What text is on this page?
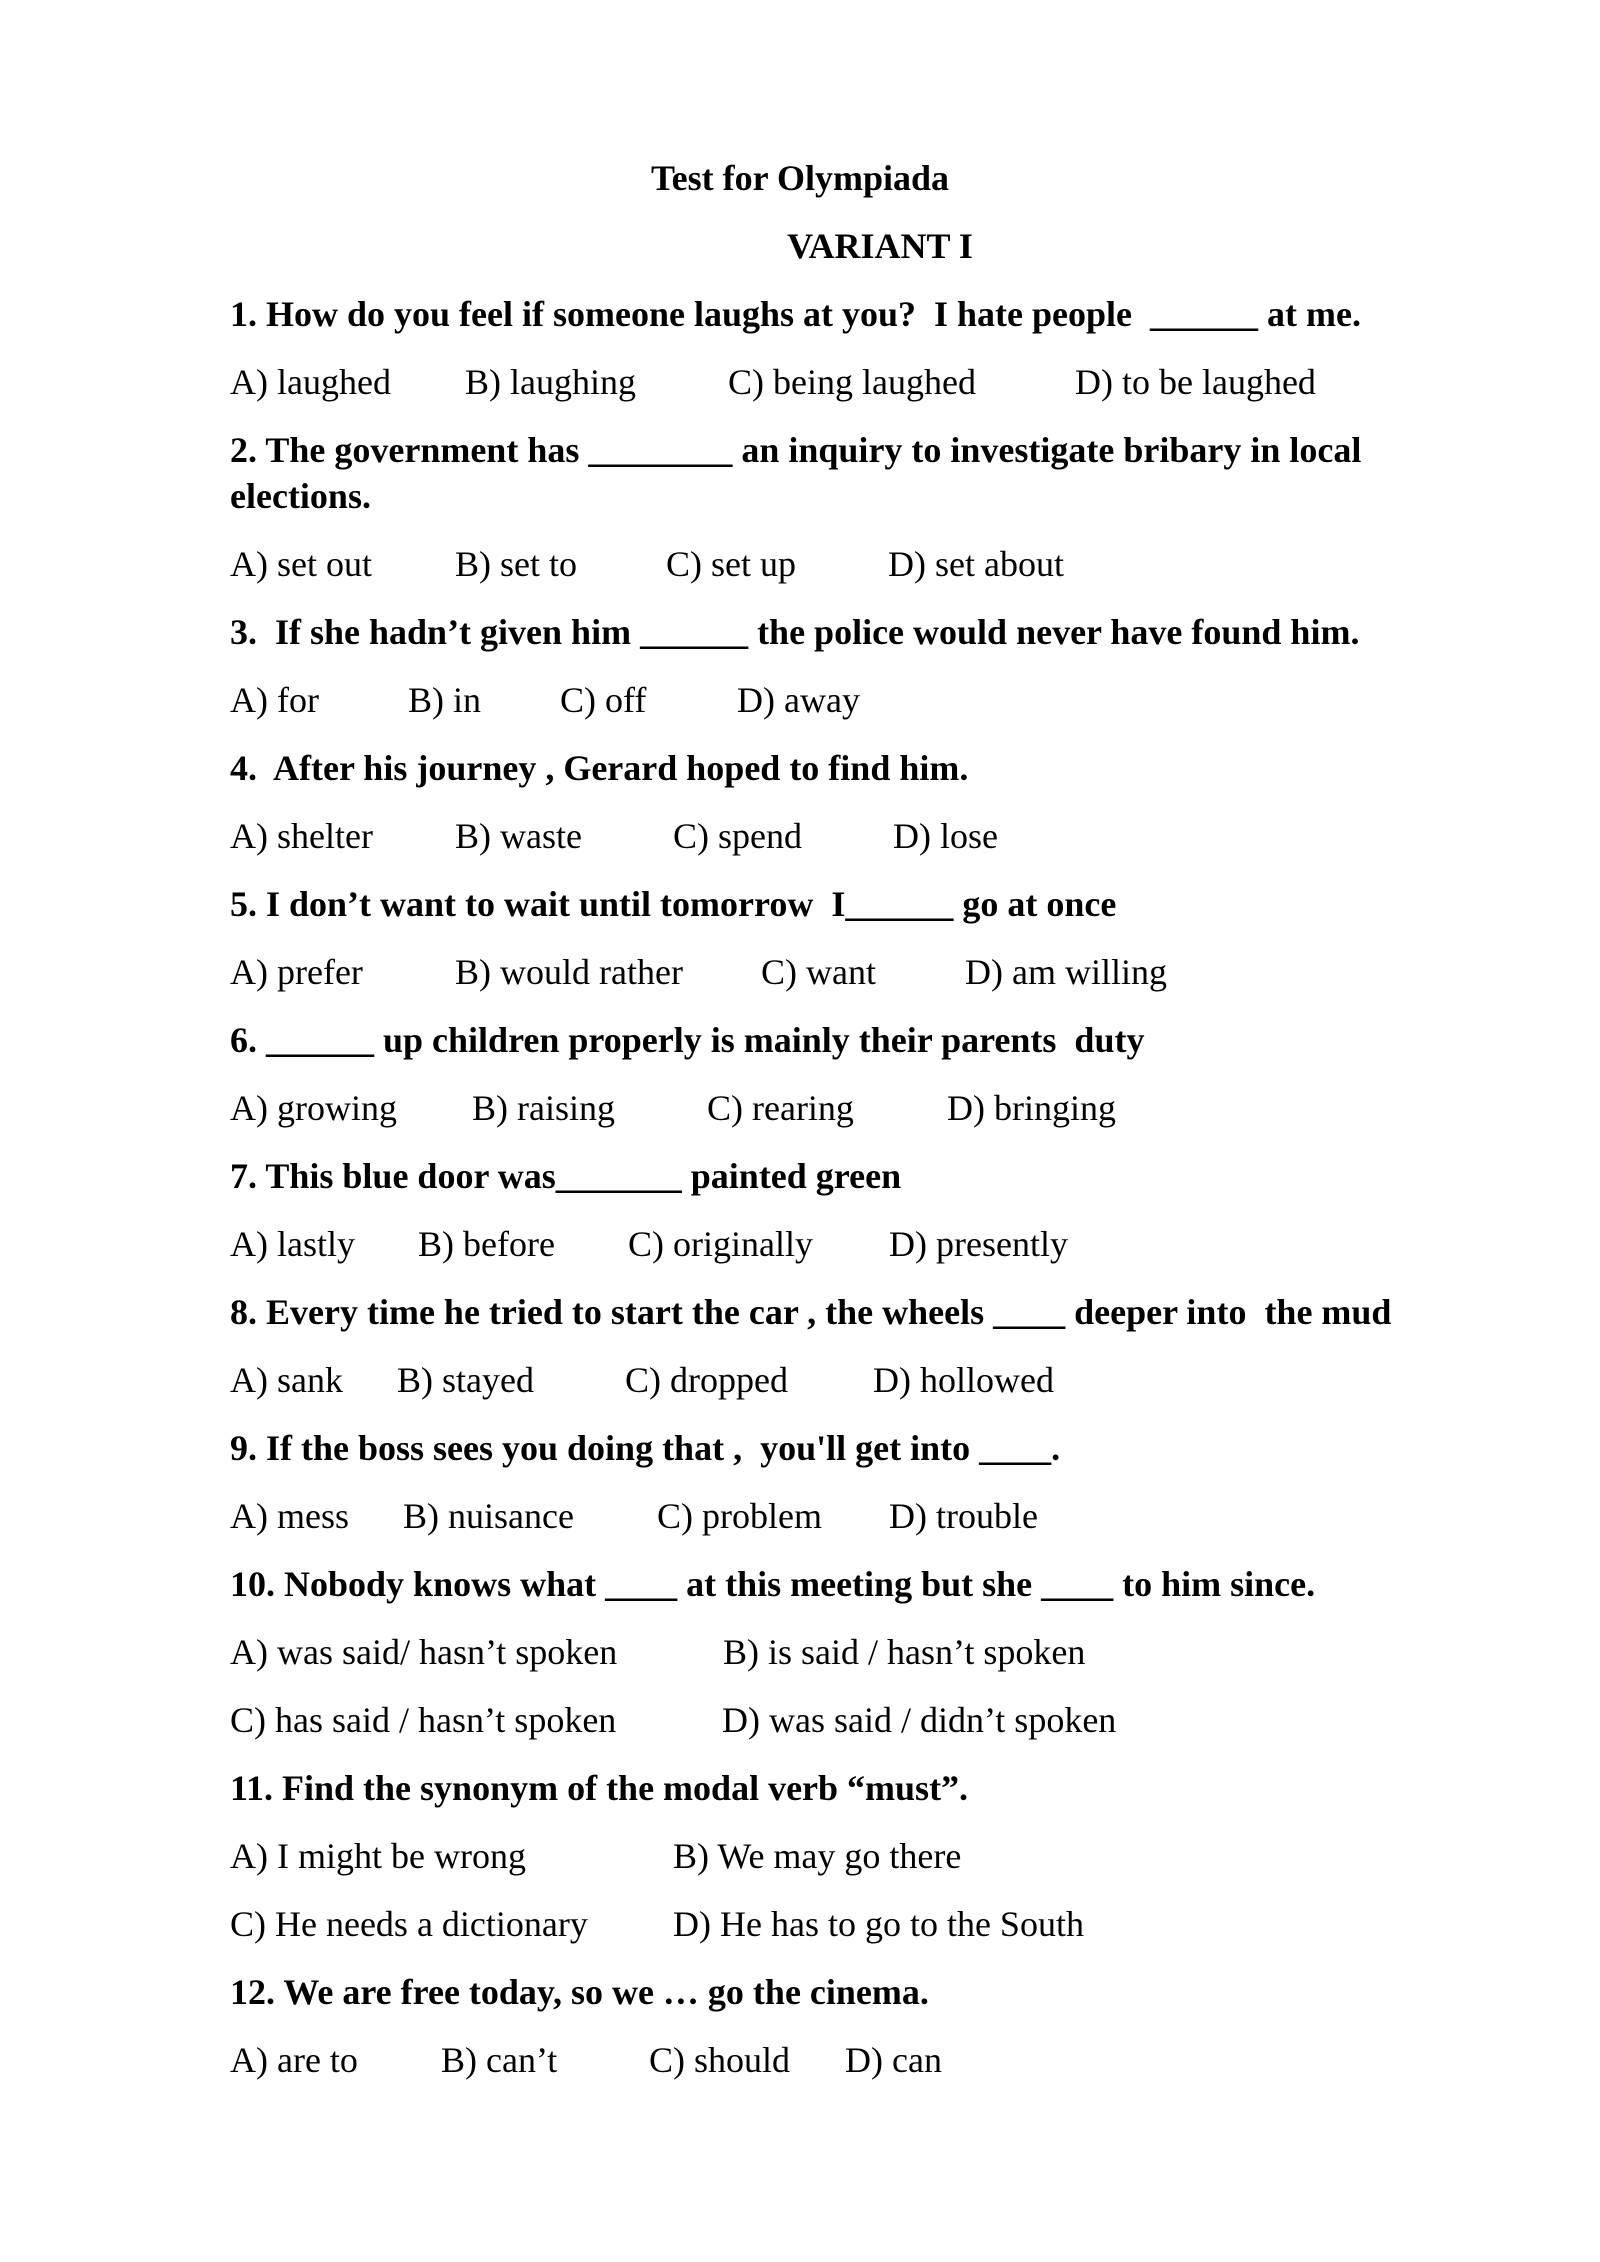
Test for Olympiada
VARIANT I
1. How do you feel if someone laughs at you?  I hate people  ______ at me.
A) laughed B) laughing	C) being laughed	D) to be laughed
2. The government has ________ an inquiry to investigate bribary in local elections.
A) set out B) set to C) set up	D) set about
3.  If she hadn’t given him ______ the police would never have found him.
A) for B) in C) off	D) away
4.  After his journey , Gerard hoped to find him.
A) shelter B) waste	C) spend	D) lose
5. I don’t want to wait until tomorrow  I______ go at once
A) prefer	B) would rather C) want D) am willing
6. ______ up children properly is mainly their parents  duty
A) growing B) raising	C) rearing	D) bringing
7. This blue door was_______ painted green
A) lastly B) before C) originally D) presently
8. Every time he tried to start the car , the wheels ____ deeper into  the mud
A) sank B) stayed	C) dropped D) hollowed
9. If the boss sees you doing that ,  you'll get into ____.
A) mess B) nuisance C) problem D) trouble
10. Nobody knows what ____ at this meeting but she ____ to him since.
A) was said/ hasn’t spoken	B) is said / hasn’t spoken
C) has said / hasn’t spoken	D) was said / didn’t spoken
11. Find the synonym of the modal verb “must”.
A) I might be wrong	B) We may go there
C) He needs a dictionary D) He has to go to the South
12. We are free today, so we … go the cinema.
A) are to B) can’t	C) should D) can
